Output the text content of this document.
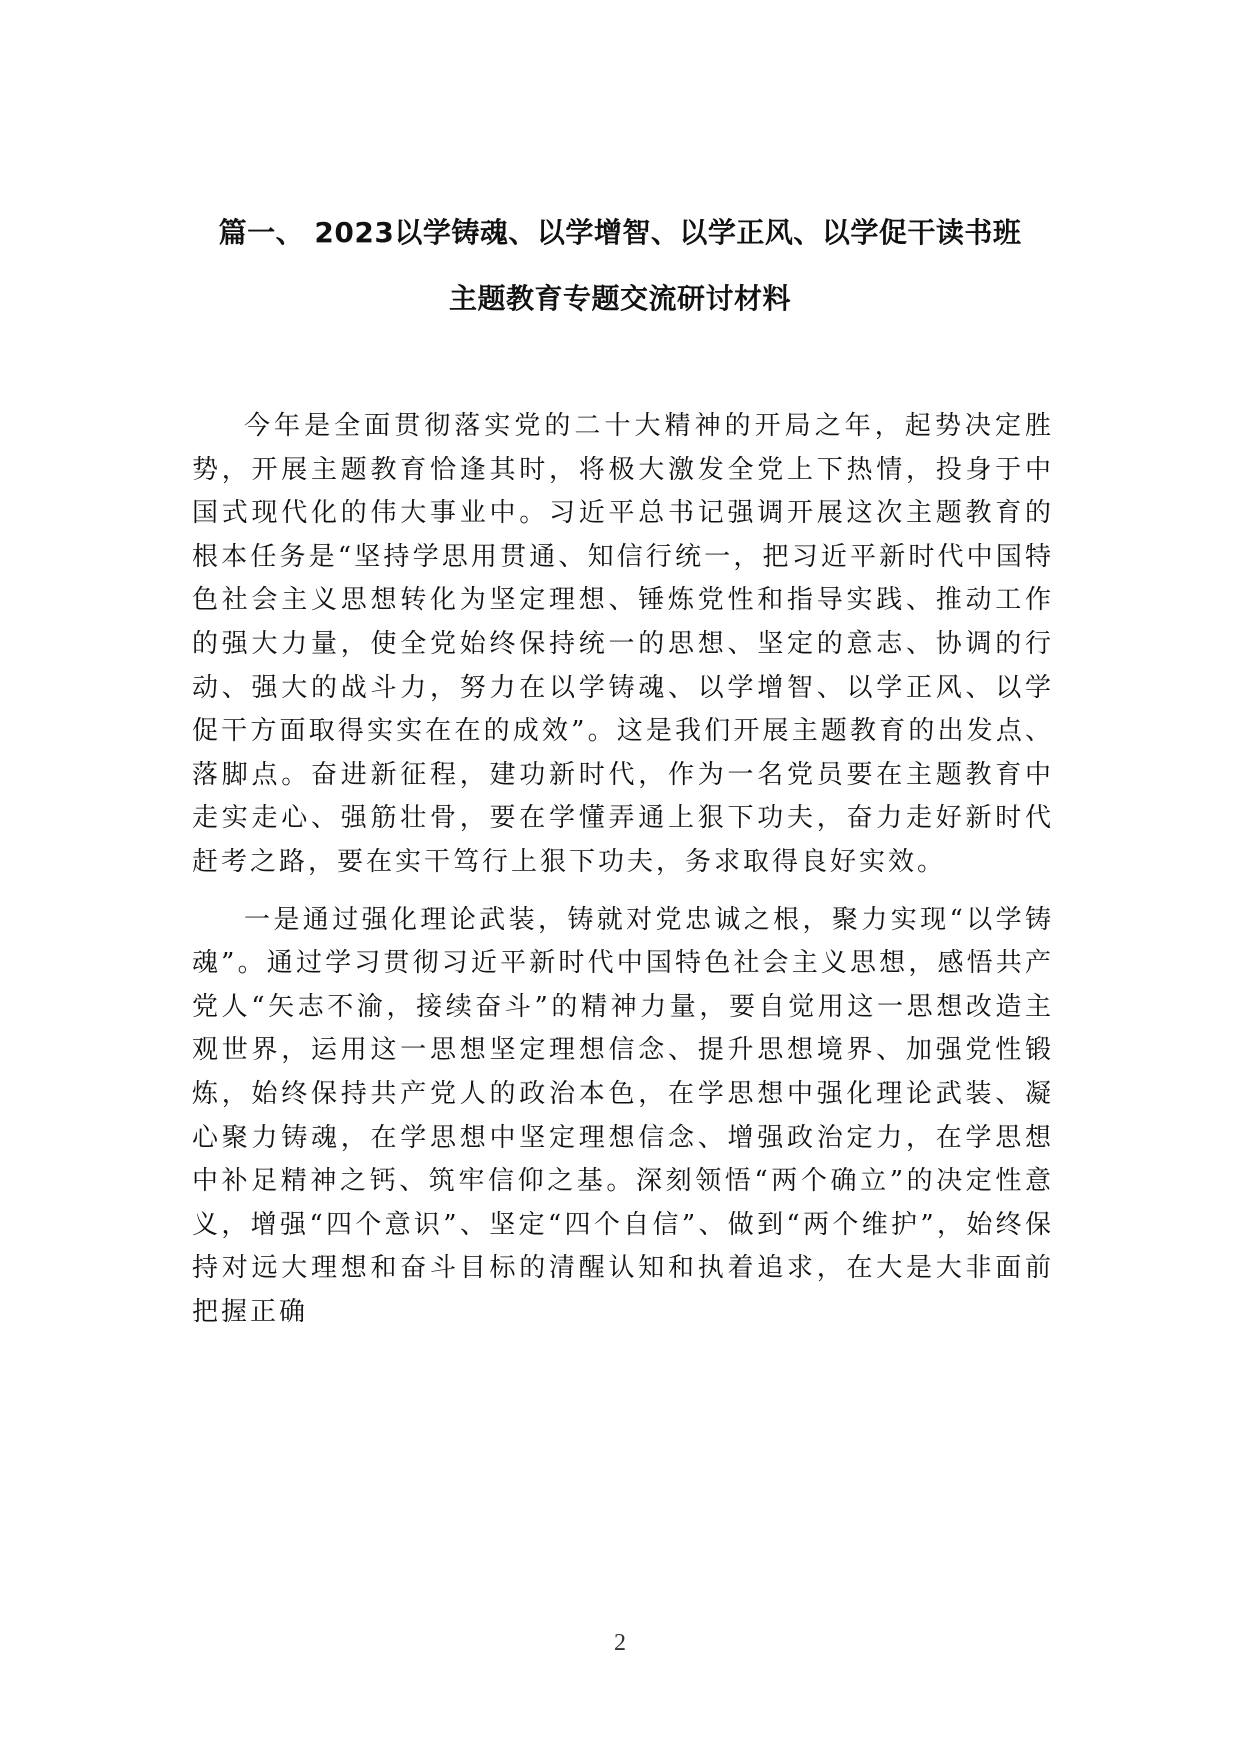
篇一、 2023以学铸魂、以学增智、以学正风、以学促干读书班
主题教育专题交流研讨材料

今年是全面贯彻落实党的二十大精神的开局之年，起势决定胜势，开展主题教育恰逢其时，将极大激发全党上下热情，投身于中国式现代化的伟大事业中。习近平总书记强调开展这次主题教育的根本任务是“坚持学思用贯通、知信行统一，把习近平新时代中国特色社会主义思想转化为坚定理想、锤炼党性和指导实践、推动工作的强大力量，使全党始终保持统一的思想、坚定的意志、协调的行动、强大的战斗力，努力在以学铸魂、以学增智、以学正风、以学促干方面取得实实在在的成效”。这是我们开展主题教育的出发点、落脚点。奋进新征程，建功新时代，作为一名党员要在主题教育中走实走心、强筋壮骨，要在学懂弄通上狠下功夫，奋力走好新时代赶考之路，要在实干笃行上狠下功夫，务求取得良好实效。

一是通过强化理论武装，铸就对党忠诚之根，聚力实现“以学铸魂”。通过学习贯彻习近平新时代中国特色社会主义思想，感悟共产党人“矢志不渝，接续奋斗”的精神力量，要自觉用这一思想改造主观世界，运用这一思想坚定理想信念、提升思想境界、加强党性锻炼，始终保持共产党人的政治本色，在学思想中强化理论武装、凝心聚力铸魂，在学思想中坚定理想信念、增强政治定力，在学思想中补足精神之钙、筑牢信仰之基。深刻领悟“两个确立”的决定性意义，增强“四个意识”、坚定“四个自信”、做到“两个维护”，始终保持对远大理想和奋斗目标的清醒认知和执着追求，在大是大非面前把握正确

2
